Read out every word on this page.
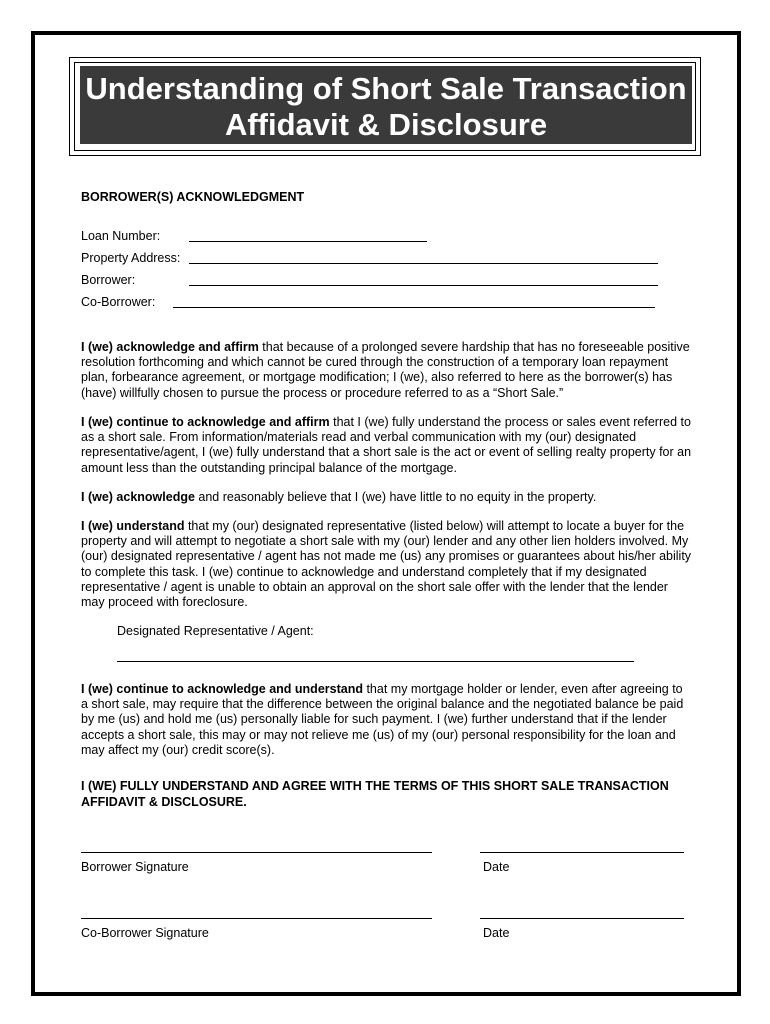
Understanding of Short Sale Transaction
Affidavit & Disclosure
BORROWER(S) ACKNOWLEDGMENT
Loan Number:
Property Address:
Borrower:
Co-Borrower:

I (we) acknowledge and affirm that because of a prolonged severe hardship that has no foreseeable positive resolution forthcoming and which cannot be cured through the construction of a temporary loan repayment plan, forbearance agreement, or mortgage modification; I (we), also referred to here as the borrower(s) has (have) willfully chosen to pursue the process or procedure referred to as a “Short Sale.”

I (we) continue to acknowledge and affirm that I (we) fully understand the process or sales event referred to as a short sale. From information/materials read and verbal communication with my (our) designated representative/agent, I (we) fully understand that a short sale is the act or event of selling realty property for an amount less than the outstanding principal balance of the mortgage.

I (we) acknowledge and reasonably believe that I (we) have little to no equity in the property.

I (we) understand that my (our) designated representative (listed below) will attempt to locate a buyer for the property and will attempt to negotiate a short sale with my (our) lender and any other lien holders involved. My (our) designated representative / agent has not made me (us) any promises or guarantees about his/her ability to complete this task. I (we) continue to acknowledge and understand completely that if my designated representative / agent is unable to obtain an approval on the short sale offer with the lender that the lender may proceed with foreclosure.

Designated Representative / Agent:

I (we) continue to acknowledge and understand that my mortgage holder or lender, even after agreeing to a short sale, may require that the difference between the original balance and the negotiated balance be paid by me (us) and hold me (us) personally liable for such payment. I (we) further understand that if the lender accepts a short sale, this may or may not relieve me (us) of my (our) personal responsibility for the loan and may affect my (our) credit score(s).

I (WE) FULLY UNDERSTAND AND AGREE WITH THE TERMS OF THIS SHORT SALE TRANSACTION AFFIDAVIT & DISCLOSURE.
Borrower Signature	Date
Co-Borrower Signature	Date
